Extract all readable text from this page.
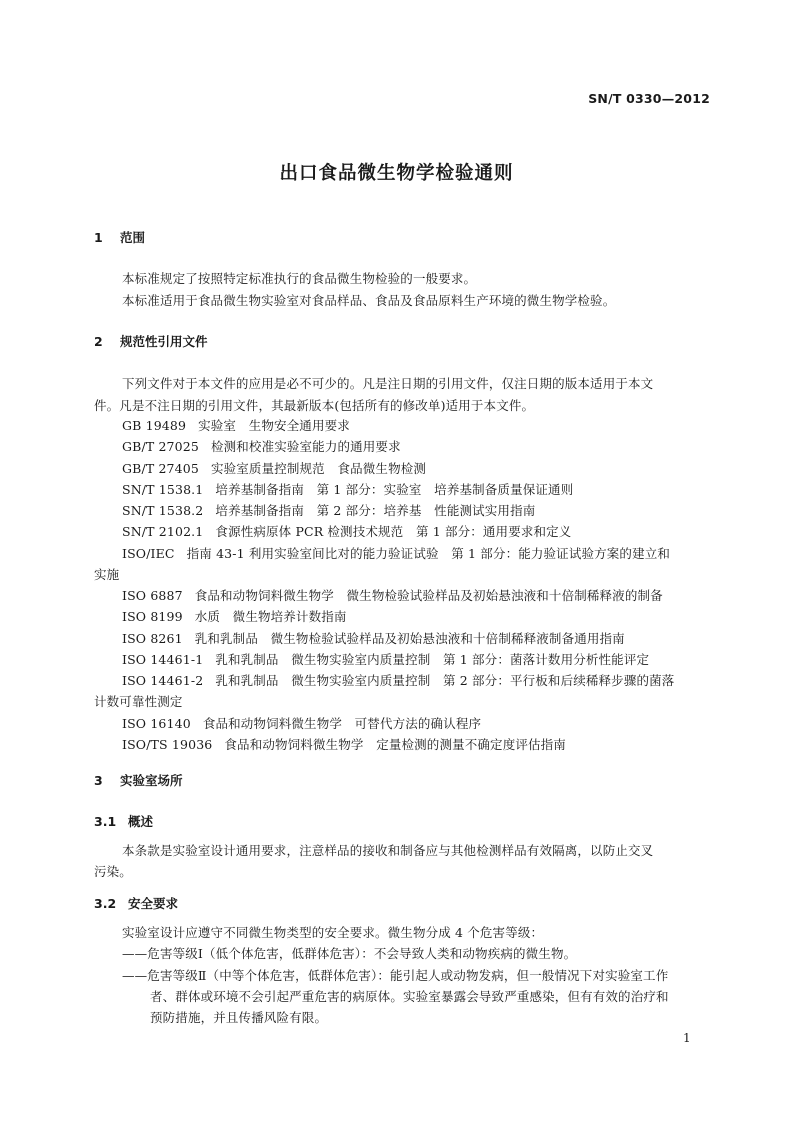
SN/T 0330—2012
出口食品微生物学检验通则
1 范围
本标准规定了按照特定标准执行的食品微生物检验的一般要求。
本标准适用于食品微生物实验室对食品样品、食品及食品原料生产环境的微生物学检验。
2 规范性引用文件
下列文件对于本文件的应用是必不可少的。凡是注日期的引用文件，仅注日期的版本适用于本文
件。凡是不注日期的引用文件，其最新版本(包括所有的修改单)适用于本文件。
GB 19489 实验室　生物安全通用要求
GB/T 27025 检测和校准实验室能力的通用要求
GB/T 27405 实验室质量控制规范　食品微生物检测
SN/T 1538.1 培养基制备指南　第 1 部分：实验室　培养基制备质量保证通则
SN/T 1538.2 培养基制备指南　第 2 部分：培养基　性能测试实用指南
SN/T 2102.1 食源性病原体 PCR 检测技术规范　第 1 部分：通用要求和定义
ISO/IEC 指南 43-1 利用实验室间比对的能力验证试验　第 1 部分：能力验证试验方案的建立和
实施
ISO 6887 食品和动物饲料微生物学　微生物检验试验样品及初始悬浊液和十倍制稀释液的制备
ISO 8199 水质　微生物培养计数指南
ISO 8261 乳和乳制品　微生物检验试验样品及初始悬浊液和十倍制稀释液制备通用指南
ISO 14461-1 乳和乳制品　微生物实验室内质量控制　第 1 部分：菌落计数用分析性能评定
ISO 14461-2 乳和乳制品　微生物实验室内质量控制　第 2 部分：平行板和后续稀释步骤的菌落
计数可靠性测定
ISO 16140 食品和动物饲料微生物学　可替代方法的确认程序
ISO/TS 19036 食品和动物饲料微生物学　定量检测的测量不确定度评估指南
3 实验室场所
3.1 概述
本条款是实验室设计通用要求，注意样品的接收和制备应与其他检测样品有效隔离，以防止交叉
污染。
3.2 安全要求
实验室设计应遵守不同微生物类型的安全要求。微生物分成 4 个危害等级：
——危害等级Ⅰ（低个体危害，低群体危害）：不会导致人类和动物疾病的微生物。
——危害等级Ⅱ（中等个体危害，低群体危害）：能引起人或动物发病，但一般情况下对实验室工作
者、群体或环境不会引起严重危害的病原体。实验室暴露会导致严重感染，但有有效的治疗和
预防措施，并且传播风险有限。
1
